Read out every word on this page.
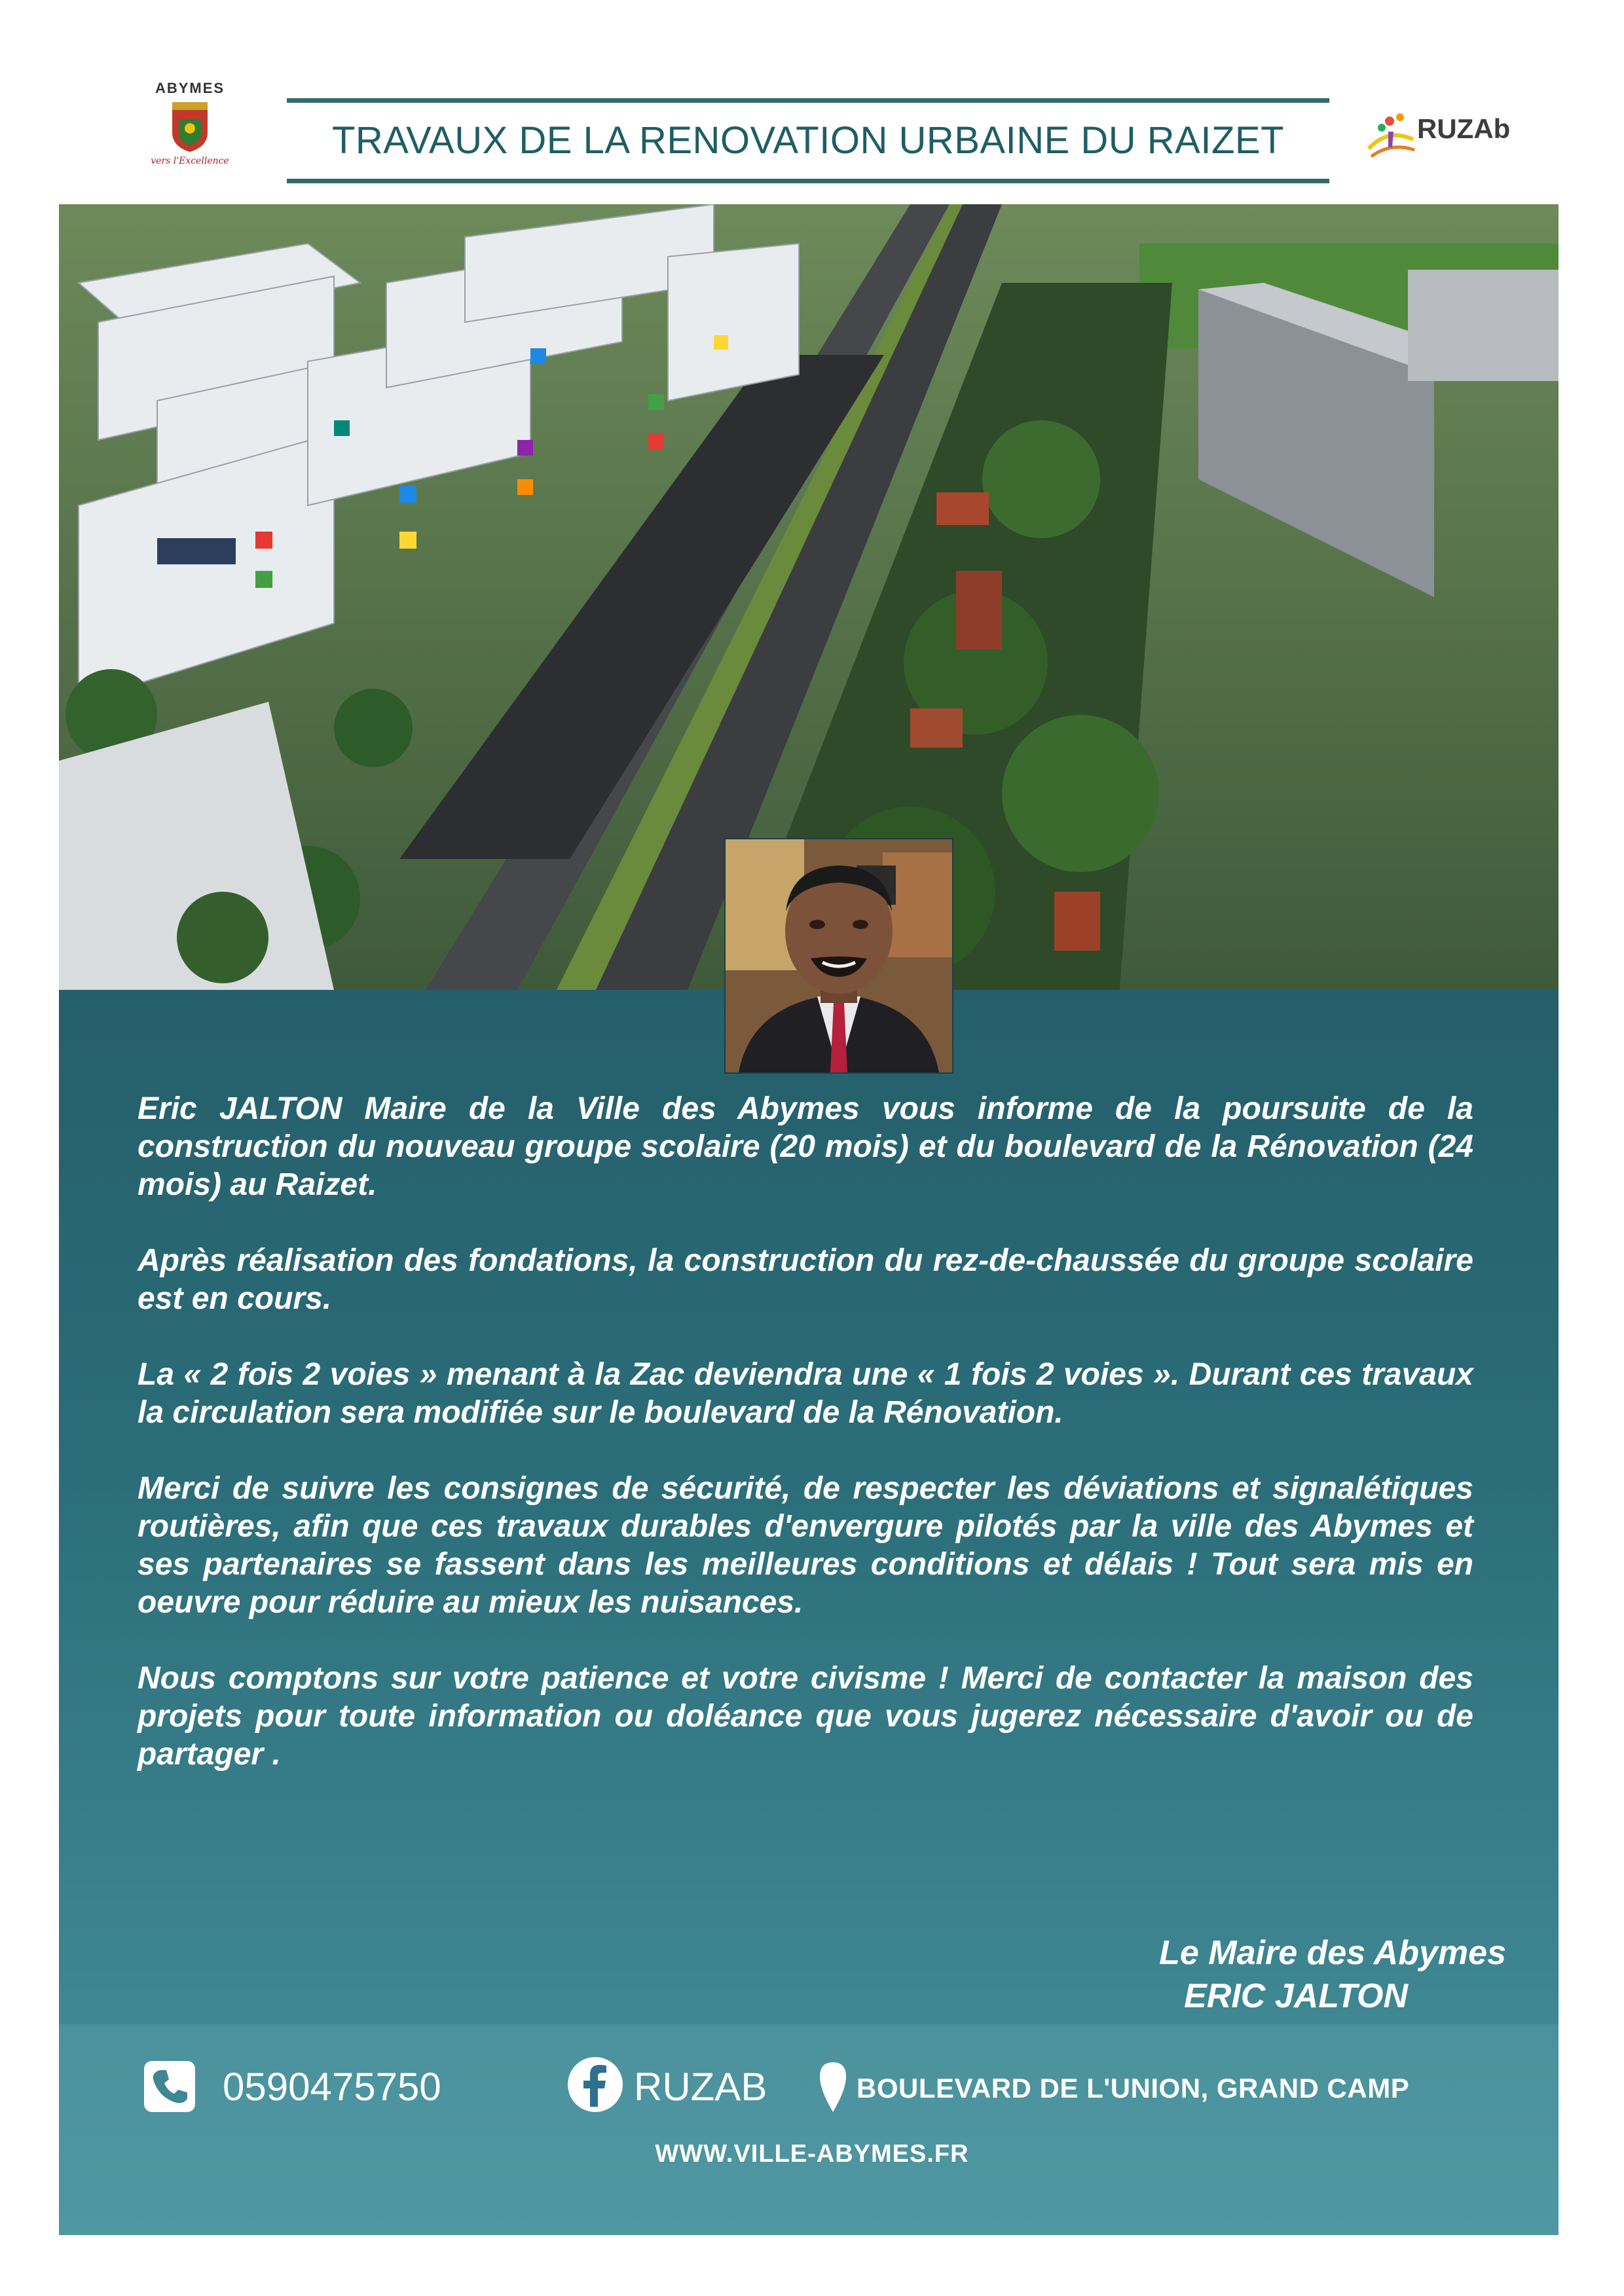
ABYMES
vers l'Excellence	TRAVAUX DE LA RENOVATION URBAINE DU RAIZET	RUZAb

Eric JALTON Maire de la Ville des Abymes vous informe de la poursuite de la construction du nouveau groupe scolaire (20 mois) et du boulevard de la Rénovation (24 mois) au Raizet.

Après réalisation des fondations, la construction du rez-de-chaussée du groupe scolaire est en cours.

La « 2 fois 2 voies » menant à la Zac deviendra une « 1 fois 2 voies ». Durant ces travaux la circulation sera modifiée sur le boulevard de la Rénovation.

Merci de suivre les consignes de sécurité, de respecter les déviations et signalétiques routières, afin que ces travaux durables d'envergure pilotés par la ville des Abymes et ses partenaires se fassent dans les meilleures conditions et délais ! Tout sera mis en oeuvre pour réduire au mieux les nuisances.

Nous comptons sur votre patience et votre civisme ! Merci de contacter la maison des projets pour toute information ou doléance que vous jugerez nécessaire d'avoir ou de partager .

Le Maire des Abymes
ERIC JALTON
0590475750	RUZAB	BOULEVARD DE L'UNION, GRAND CAMP
WWW.VILLE-ABYMES.FR
